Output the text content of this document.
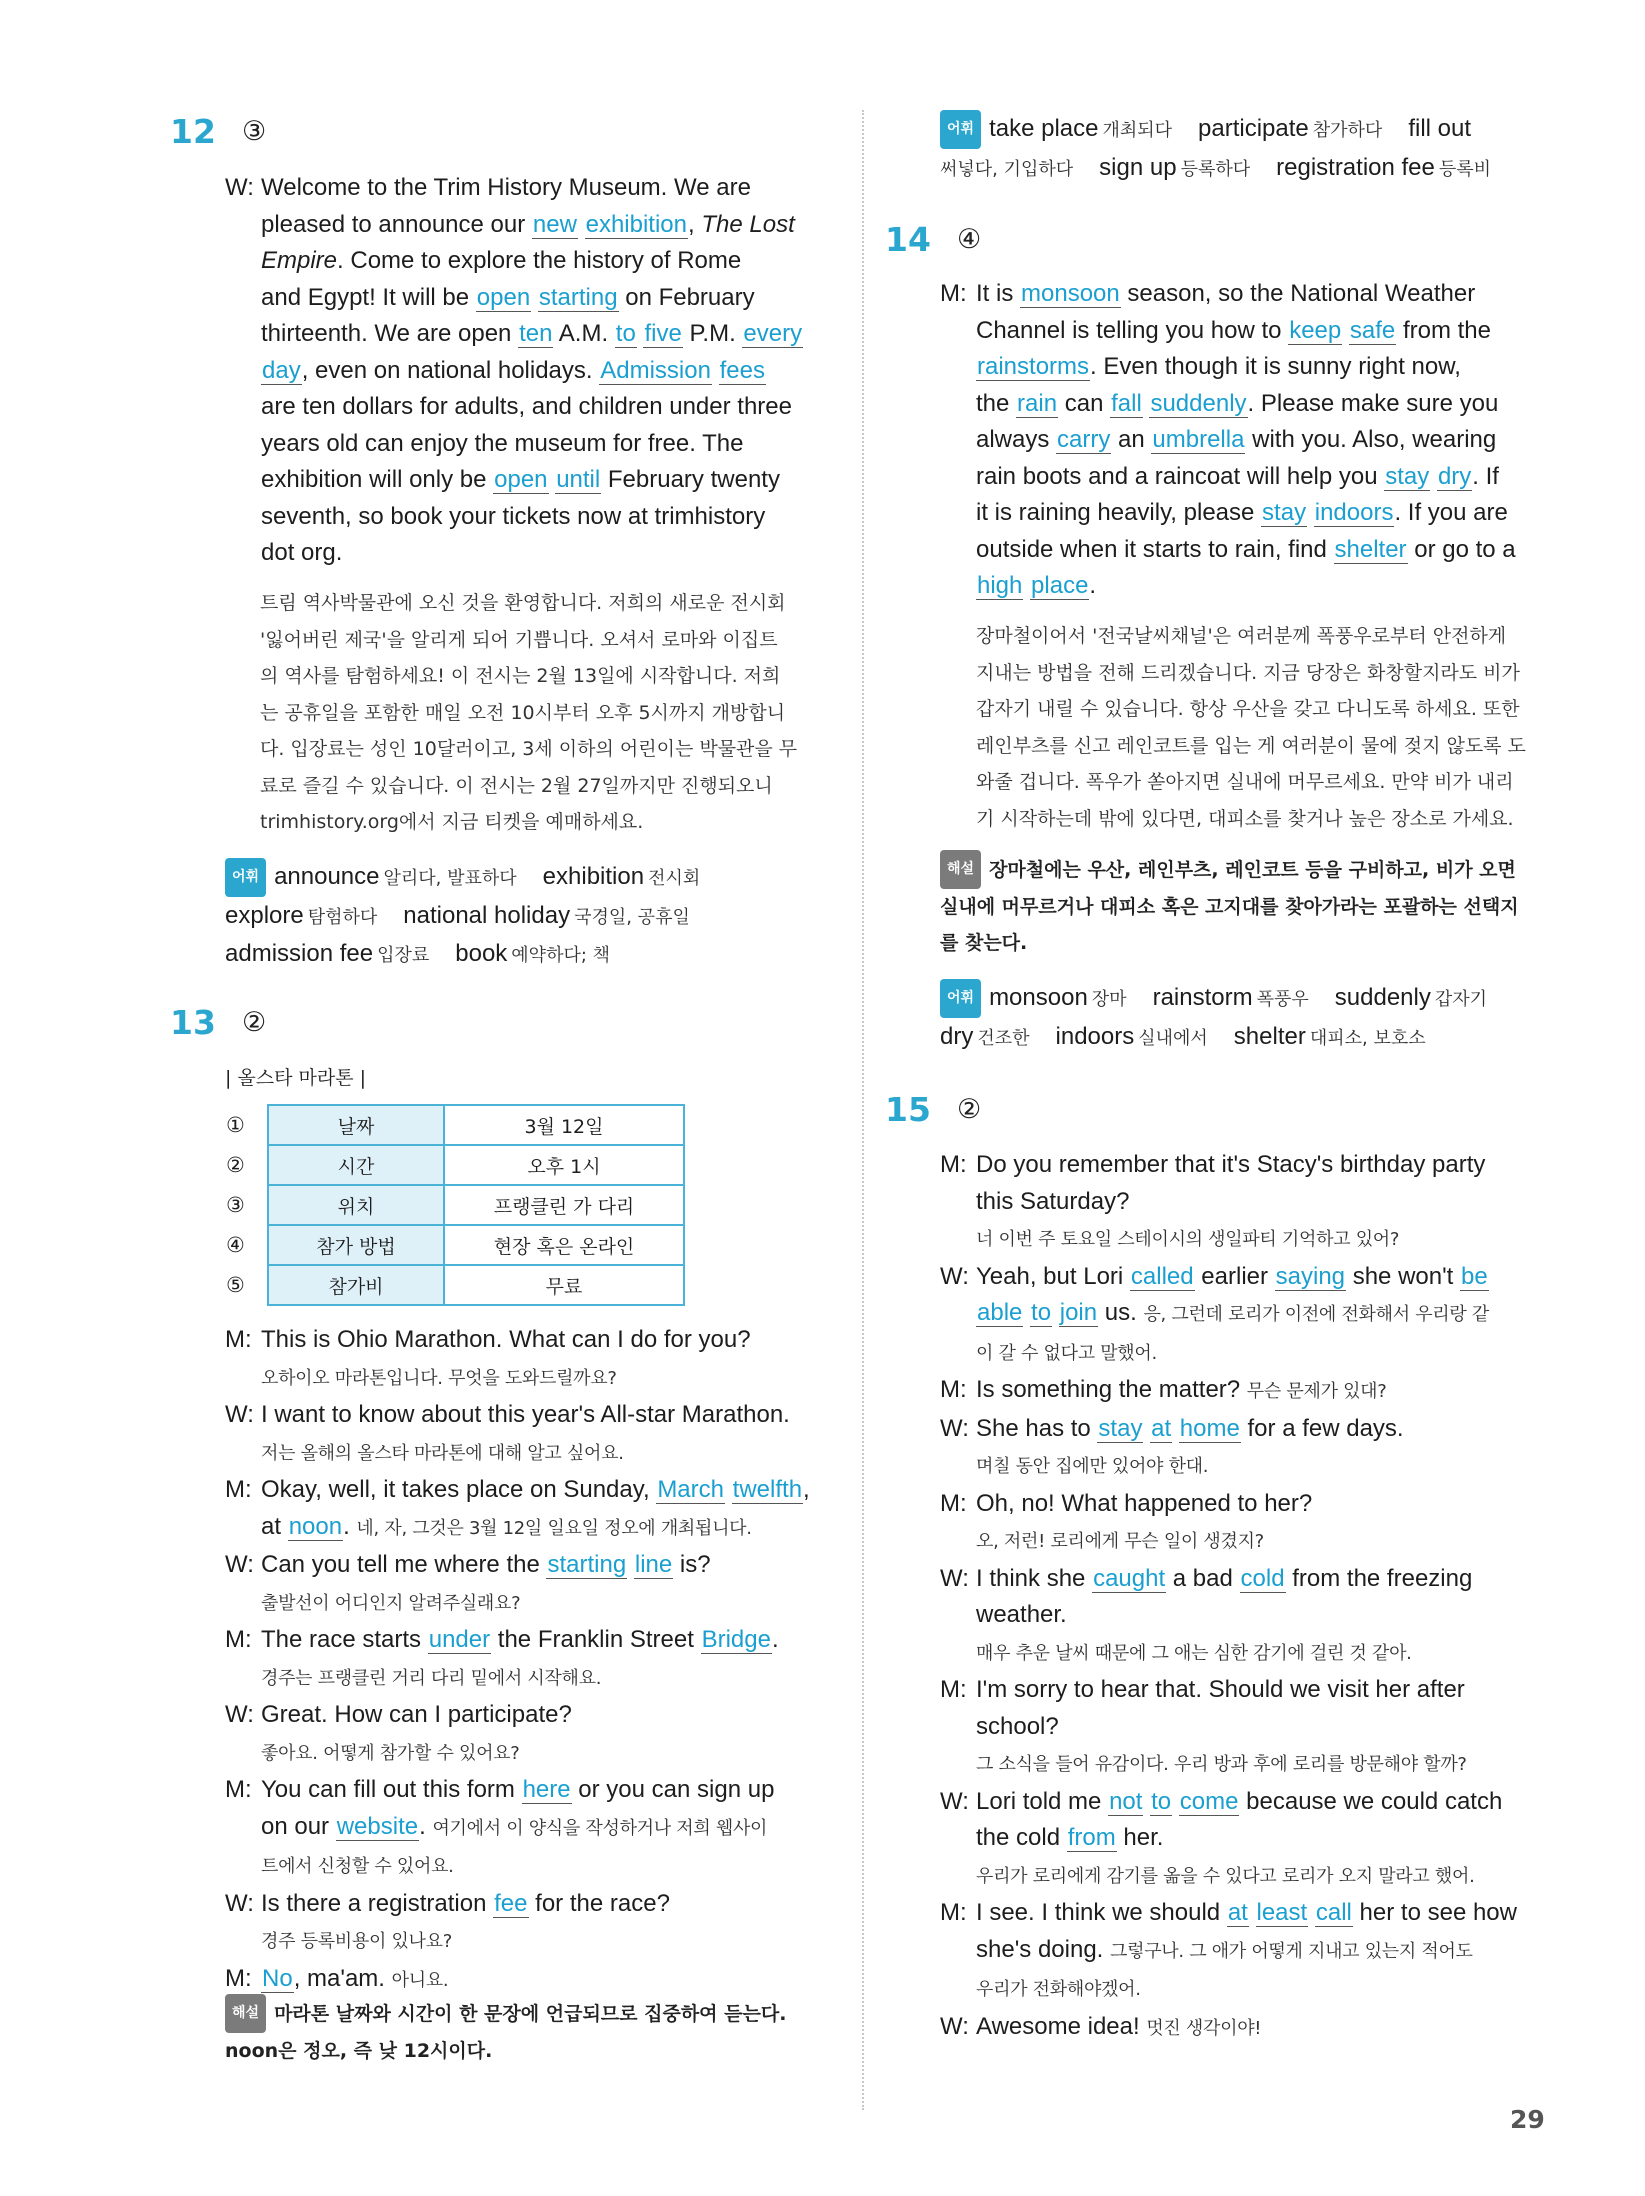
12 ③
W: Welcome to the Trim History Museum. We are
pleased to announce our new exhibition, The Lost
Empire. Come to explore the history of Rome
and Egypt! It will be open starting on February
thirteenth. We are open ten A.M. to five P.M. every
day, even on national holidays. Admission fees
are ten dollars for adults, and children under three
years old can enjoy the museum for free. The
exhibition will only be open until February twenty
seventh, so book your tickets now at trimhistory
dot org.
트림 역사박물관에 오신 것을 환영합니다. 저희의 새로운 전시회
'잃어버린 제국'을 알리게 되어 기쁩니다. 오셔서 로마와 이집트
의 역사를 탐험하세요! 이 전시는 2월 13일에 시작합니다. 저희
는 공휴일을 포함한 매일 오전 10시부터 오후 5시까지 개방합니
다. 입장료는 성인 10달러이고, 3세 이하의 어린이는 박물관을 무
료로 즐길 수 있습니다. 이 전시는 2월 27일까지만 진행되오니
trimhistory.org에서 지금 티켓을 예매하세요.
어휘 announce 알리다, 발표하다 exhibition 전시회
explore 탐험하다 national holiday 국경일, 공휴일
admission fee 입장료 book 예약하다; 책
13 ②
| 올스타 마라톤 |
①	날짜	3월 12일
②	시간	오후 1시
③	위치	프랭클린 가 다리
④	참가 방법	현장 혹은 온라인
⑤	참가비	무료
M: This is Ohio Marathon. What can I do for you?
오하이오 마라톤입니다. 무엇을 도와드릴까요?
W: I want to know about this year's All-star Marathon.
저는 올해의 올스타 마라톤에 대해 알고 싶어요.
M: Okay, well, it takes place on Sunday, March twelfth,
at noon. 네, 자, 그것은 3월 12일 일요일 정오에 개최됩니다.
W: Can you tell me where the starting line is?
출발선이 어디인지 알려주실래요?
M: The race starts under the Franklin Street Bridge.
경주는 프랭클린 거리 다리 밑에서 시작해요.
W: Great. How can I participate?
좋아요. 어떻게 참가할 수 있어요?
M: You can fill out this form here or you can sign up
on our website. 여기에서 이 양식을 작성하거나 저희 웹사이
트에서 신청할 수 있어요.
W: Is there a registration fee for the race?
경주 등록비용이 있나요?
M: No, ma'am. 아니요.
해설 마라톤 날짜와 시간이 한 문장에 언급되므로 집중하여 듣는다.
noon은 정오, 즉 낮 12시이다.
어휘 take place 개최되다 participate 참가하다 fill out
써넣다, 기입하다 sign up 등록하다 registration fee 등록비
14 ④
M: It is monsoon season, so the National Weather
Channel is telling you how to keep safe from the
rainstorms. Even though it is sunny right now,
the rain can fall suddenly. Please make sure you
always carry an umbrella with you. Also, wearing
rain boots and a raincoat will help you stay dry. If
it is raining heavily, please stay indoors. If you are
outside when it starts to rain, find shelter or go to a
high place.
장마철이어서 '전국날씨채널'은 여러분께 폭풍우로부터 안전하게
지내는 방법을 전해 드리겠습니다. 지금 당장은 화창할지라도 비가
갑자기 내릴 수 있습니다. 항상 우산을 갖고 다니도록 하세요. 또한
레인부츠를 신고 레인코트를 입는 게 여러분이 물에 젖지 않도록 도
와줄 겁니다. 폭우가 쏟아지면 실내에 머무르세요. 만약 비가 내리
기 시작하는데 밖에 있다면, 대피소를 찾거나 높은 장소로 가세요.
해설 장마철에는 우산, 레인부츠, 레인코트 등을 구비하고, 비가 오면
실내에 머무르거나 대피소 혹은 고지대를 찾아가라는 포괄하는 선택지
를 찾는다.
어휘 monsoon 장마 rainstorm 폭풍우 suddenly 갑자기
dry 건조한 indoors 실내에서 shelter 대피소, 보호소
15 ②
M: Do you remember that it's Stacy's birthday party
this Saturday?
너 이번 주 토요일 스테이시의 생일파티 기억하고 있어?
W: Yeah, but Lori called earlier saying she won't be
able to join us. 응, 그런데 로리가 이전에 전화해서 우리랑 같
이 갈 수 없다고 말했어.
M: Is something the matter? 무슨 문제가 있대?
W: She has to stay at home for a few days.
며칠 동안 집에만 있어야 한대.
M: Oh, no! What happened to her?
오, 저런! 로리에게 무슨 일이 생겼지?
W: I think she caught a bad cold from the freezing
weather.
매우 추운 날씨 때문에 그 애는 심한 감기에 걸린 것 같아.
M: I'm sorry to hear that. Should we visit her after
school?
그 소식을 들어 유감이다. 우리 방과 후에 로리를 방문해야 할까?
W: Lori told me not to come because we could catch
the cold from her.
우리가 로리에게 감기를 옮을 수 있다고 로리가 오지 말라고 했어.
M: I see. I think we should at least call her to see how
she's doing. 그렇구나. 그 애가 어떻게 지내고 있는지 적어도
우리가 전화해야겠어.
W: Awesome idea! 멋진 생각이야!
29
